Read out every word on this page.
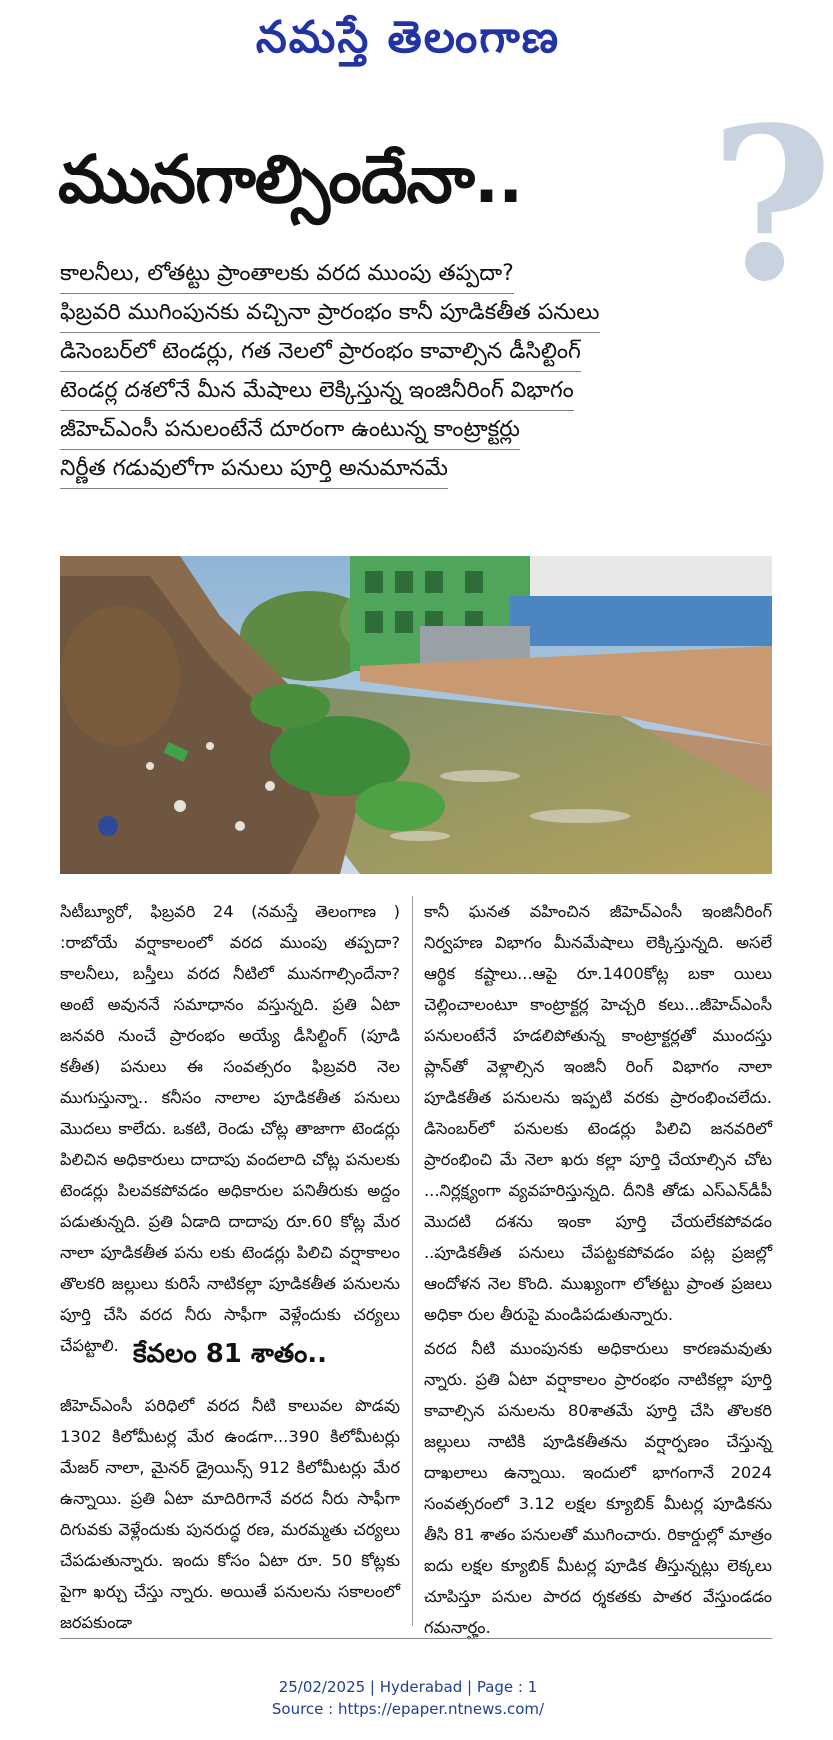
నమస్తే తెలంగాణ
మునగాల్సిందేనా.. ?
కాలనీలు, లోతట్టు ప్రాంతాలకు వరద ముంపు తప్పదా?
ఫిబ్రవరి ముగింపునకు వచ్చినా ప్రారంభం కానీ పూడికతీత పనులు
డిసెంబర్‌లో టెండర్లు, గత నెలలో ప్రారంభం కావాల్సిన డీసిల్టింగ్
టెండర్ల దశలోనే మీన మేషాలు లెక్కిస్తున్న ఇంజినీరింగ్ విభాగం
జీహెచ్‌ఎంసీ పనులంటేనే దూరంగా ఉంటున్న కాంట్రాక్టర్లు
నిర్ణీత గడువులోగా పనులు పూర్తి అనుమానమే

సిటీబ్యూరో, ఫిబ్రవరి 24 (నమస్తే తెలంగాణ ) :రాబోయే వర్షాకాలంలో వరద ముంపు తప్పదా? కాలనీలు, బస్తీలు వరద నీటిలో మునగాల్సిందేనా? అంటే అవుననే సమాధానం వస్తున్నది. ప్రతి ఏటా జనవరి నుంచే ప్రారంభం అయ్యే డీసిల్టింగ్ (పూడి కతీత) పనులు ఈ సంవత్సరం ఫిబ్రవరి నెల ముగుస్తున్నా.. కనీసం నాలాల పూడికతీత పనులు మొదలు కాలేదు. ఒకటి, రెండు చోట్ల తాజాగా టెండర్లు పిలిచిన అధికారులు దాదాపు వందలాది చోట్ల పనులకు టెండర్లు పిలవకపోవడం అధికారుల పనితీరుకు అద్దం పడుతున్నది. ప్రతి ఏడాది దాదాపు రూ.60 కోట్ల మేర నాలా పూడికతీత పను లకు టెండర్లు పిలిచి వర్షాకాలం తొలకరి జల్లులు కురిసే నాటికల్లా పూడికతీత పనులను పూర్తి చేసి వరద నీరు సాఫీగా వెళ్లేందుకు చర్యలు చేపట్టాలి.

కానీ ఘనత వహించిన జీహెచ్‌ఎంసీ ఇంజినీరింగ్ నిర్వహణ విభాగం మీనమేషాలు లెక్కిస్తున్నది. అసలే ఆర్థిక కష్టాలు...ఆపై రూ.1400కోట్ల బకా యిలు చెల్లించాలంటూ కాంట్రాక్టర్ల హెచ్చరి కలు...జీహెచ్‌ఎంసీ పనులంటేనే హడలిపోతున్న కాంట్రాక్టర్లతో ముందస్తు ప్లాన్‌తో వెళ్లాల్సిన ఇంజినీ రింగ్ విభాగం నాలా పూడికతీత పనులను ఇప్పటి వరకు ప్రారంభించలేదు. డిసెంబర్‌లో పనులకు టెండర్లు పిలిచి జనవరిలో ప్రారంభించి మే నెలా ఖరు కల్లా పూర్తి చేయాల్సిన చోట ...నిర్లక్ష్యంగా వ్యవహరిస్తున్నది. దీనికి తోడు ఎస్‌ఎన్‌డీపీ మొదటి దశను ఇంకా పూర్తి చేయలేకపోవడం ..పూడికతీత పనులు చేపట్టకపోవడం పట్ల ప్రజల్లో ఆందోళన నెల కొంది. ముఖ్యంగా లోతట్టు ప్రాంత ప్రజలు అధికా రుల తీరుపై మండిపడుతున్నారు.

కేవలం 81 శాతం..

జీహెచ్‌ఎంసీ పరిధిలో వరద నీటి కాలువల పొడవు 1302 కిలోమీటర్ల మేర ఉండగా...390 కిలోమీటర్లు మేజర్ నాలా, మైనర్ డ్రైయిన్స్ 912 కిలోమీటర్లు మేర ఉన్నాయి. ప్రతి ఏటా మాదిరిగానే వరద నీరు సాఫీగా దిగువకు వెళ్లేందుకు పునరుద్ధ రణ, మరమ్మతు చర్యలు చేపడుతున్నారు. ఇందు కోసం ఏటా రూ. 50 కోట్లకు పైగా ఖర్చు చేస్తు న్నారు. అయితే పనులను సకాలంలో జరపకుండా

వరద నీటి ముంపునకు అధికారులు కారణమవుతు న్నారు. ప్రతి ఏటా వర్షాకాలం ప్రారంభం నాటికల్లా పూర్తి కావాల్సిన పనులను 80శాతమే పూర్తి చేసి తొలకరి జల్లులు నాటికి పూడికతీతను వర్షార్పణం చేస్తున్న దాఖలాలు ఉన్నాయి. ఇందులో భాగంగానే 2024 సంవత్సరంలో 3.12 లక్షల క్యూబిక్ మీటర్ల పూడికను తీసి 81 శాతం పనులతో ముగించారు. రికార్డుల్లో మాత్రం ఐదు లక్షల క్యూబిక్ మీటర్ల పూడిక తీస్తున్నట్లు లెక్కలు చూపిస్తూ పనుల పారద ర్శకతకు పాతర వేస్తుండడం గమనార్హం.

25/02/2025 | Hyderabad | Page : 1
Source : https://epaper.ntnews.com/
